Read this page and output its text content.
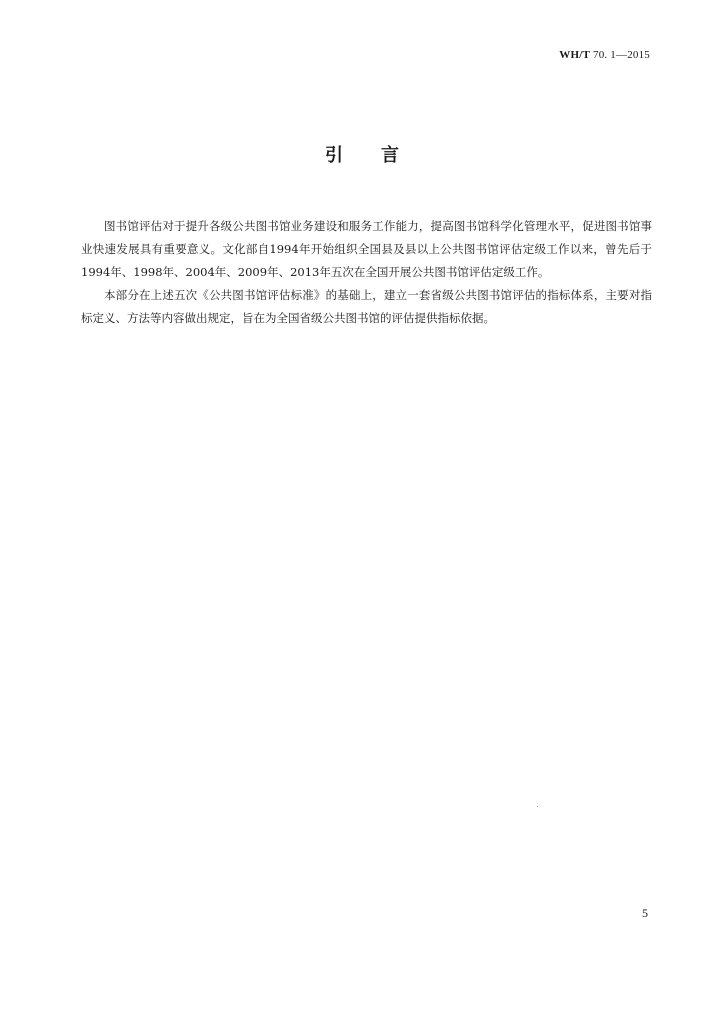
WH/T 70. 1—2015
引言

图书馆评估对于提升各级公共图书馆业务建设和服务工作能力，提高图书馆科学化管理水平，促进图书馆事业快速发展具有重要意义。文化部自1994年开始组织全国县及县以上公共图书馆评估定级工作以来，曾先后于1994年、1998年、2004年、2009年、2013年五次在全国开展公共图书馆评估定级工作。

本部分在上述五次《公共图书馆评估标准》的基础上，建立一套省级公共图书馆评估的指标体系，主要对指标定义、方法等内容做出规定，旨在为全国省级公共图书馆的评估提供指标依据。

5
